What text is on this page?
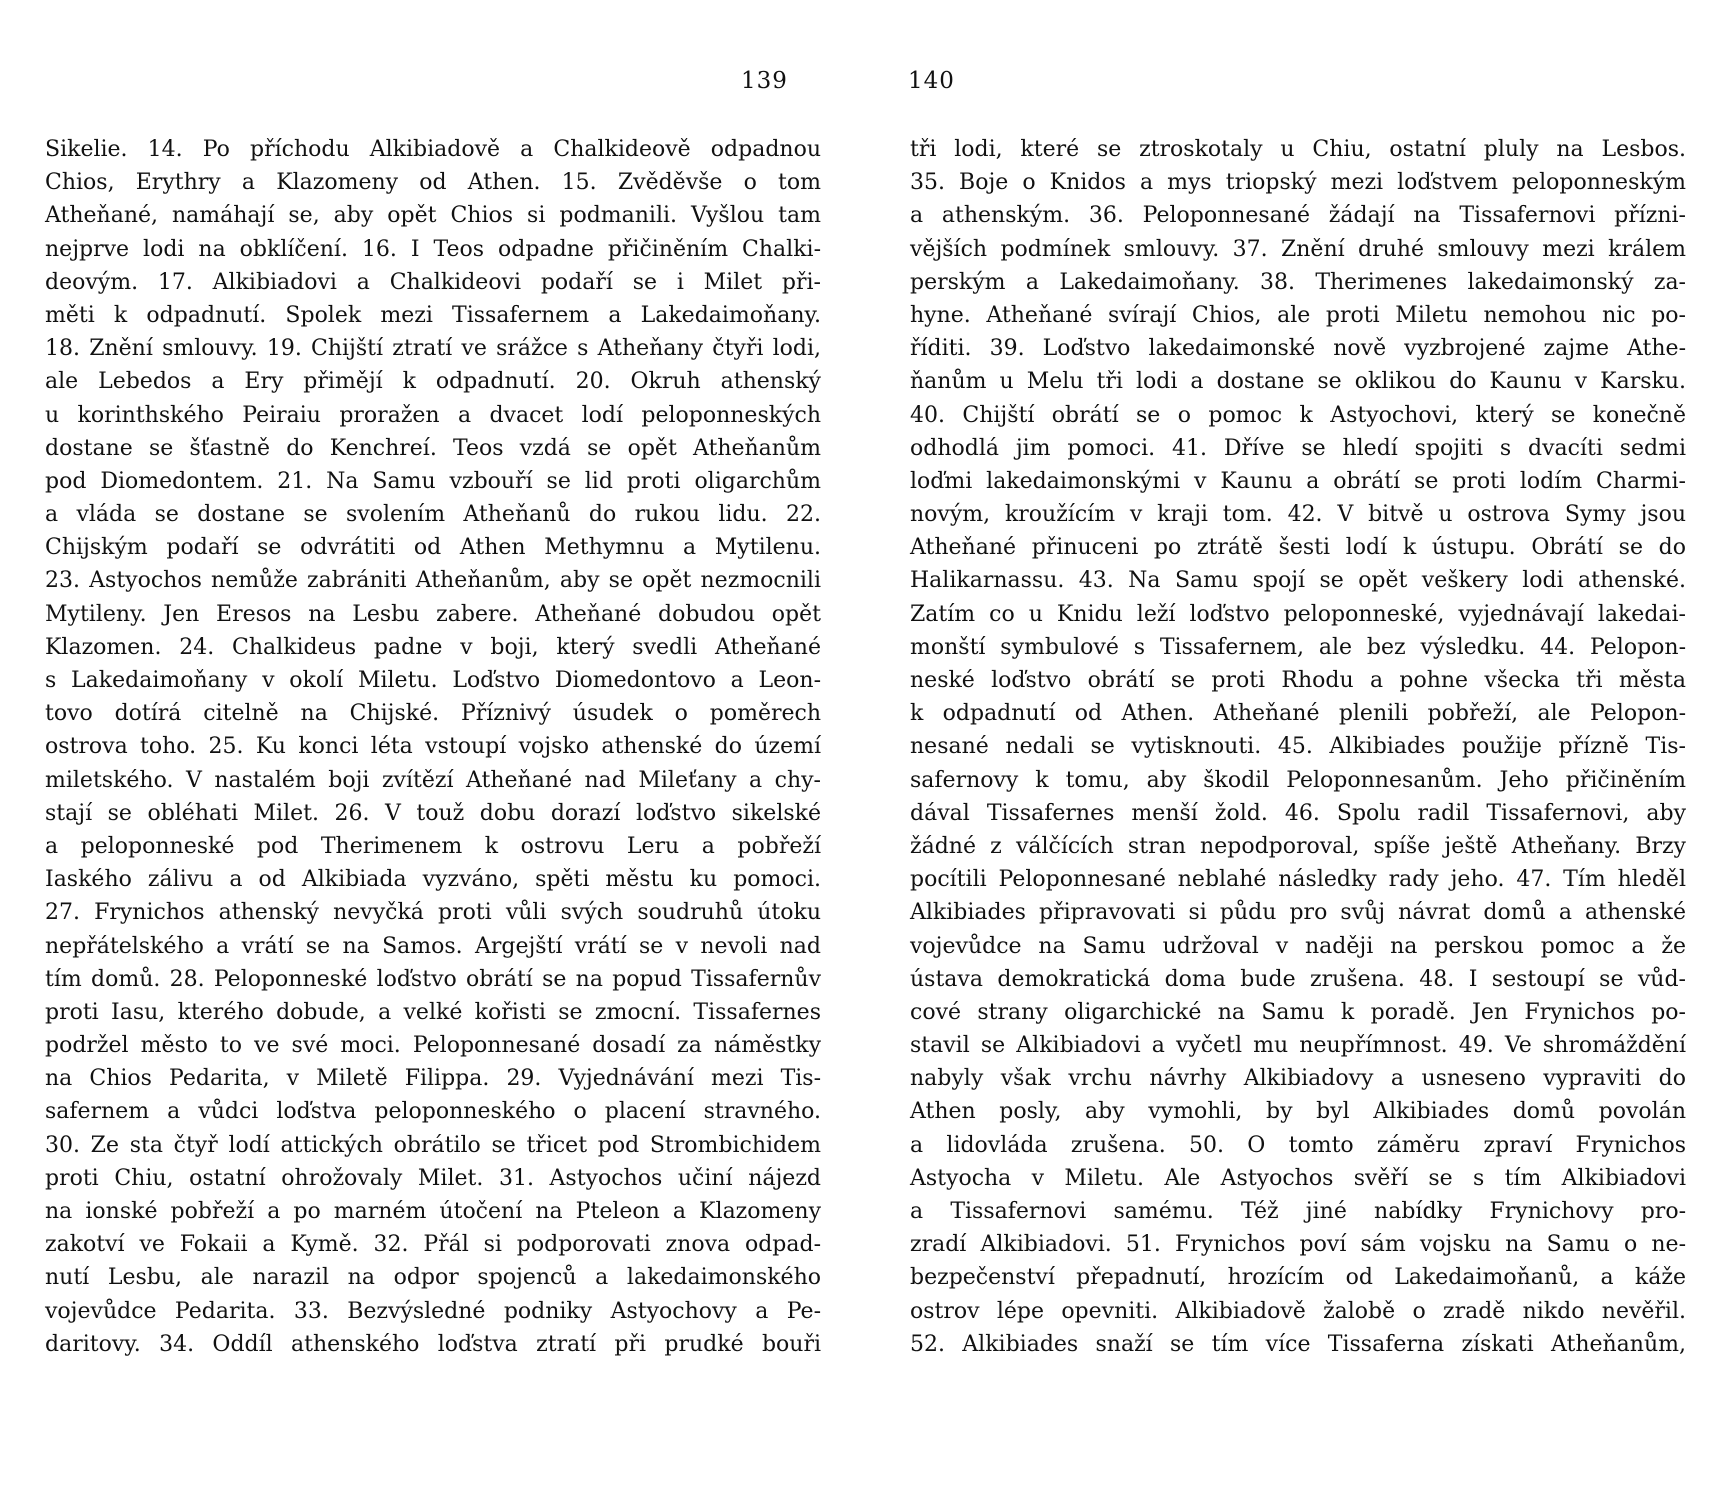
139
Sikelie. 14. Po příchodu Alkibiadově a Chalkideově odpadnou
Chios, Erythry a Klazomeny od Athen. 15. Zvěděvše o tom
Atheňané, namáhají se, aby opět Chios si podmanili. Vyšlou tam
nejprve lodi na obklíčení. 16. I Teos odpadne přičiněním Chalki-
deovým. 17. Alkibiadovi a Chalkideovi podaří se i Milet při-
měti k odpadnutí. Spolek mezi Tissafernem a Lakedaimoňany.
18. Znění smlouvy. 19. Chijští ztratí ve srážce s Atheňany čtyři lodi,
ale Lebedos a Ery přimějí k odpadnutí. 20. Okruh athenský
u korinthského Peiraiu proražen a dvacet lodí peloponneských
dostane se šťastně do Kenchreí. Teos vzdá se opět Atheňanům
pod Diomedontem. 21. Na Samu vzbouří se lid proti oligarchům
a vláda se dostane se svolením Atheňanů do rukou lidu. 22.
Chijským podaří se odvrátiti od Athen Methymnu a Mytilenu.
23. Astyochos nemůže zabrániti Atheňanům, aby se opět nezmocnili
Mytileny. Jen Eresos na Lesbu zabere. Atheňané dobudou opět
Klazomen. 24. Chalkideus padne v boji, který svedli Atheňané
s Lakedaimoňany v okolí Miletu. Loďstvo Diomedontovo a Leon-
tovo dotírá citelně na Chijské. Příznivý úsudek o poměrech
ostrova toho. 25. Ku konci léta vstoupí vojsko athenské do území
miletského. V nastalém boji zvítězí Atheňané nad Mileťany a chy-
stají se obléhati Milet. 26. V touž dobu dorazí loďstvo sikelské
a peloponneské pod Therimenem k ostrovu Leru a pobřeží
Iaského zálivu a od Alkibiada vyzváno, spěti městu ku pomoci.
27. Frynichos athenský nevyčká proti vůli svých soudruhů útoku
nepřátelského a vrátí se na Samos. Argejští vrátí se v nevoli nad
tím domů. 28. Peloponneské loďstvo obrátí se na popud Tissafernův
proti Iasu, kterého dobude, a velké kořisti se zmocní. Tissafernes
podržel město to ve své moci. Peloponnesané dosadí za náměstky
na Chios Pedarita, v Miletě Filippa. 29. Vyjednávání mezi Tis-
safernem a vůdci loďstva peloponneského o placení stravného.
30. Ze sta čtyř lodí attických obrátilo se třicet pod Strombichidem
proti Chiu, ostatní ohrožovaly Milet. 31. Astyochos učiní nájezd
na ionské pobřeží a po marném útočení na Pteleon a Klazomeny
zakotví ve Fokaii a Kymě. 32. Přál si podporovati znova odpad-
nutí Lesbu, ale narazil na odpor spojenců a lakedaimonského
vojevůdce Pedarita. 33. Bezvýsledné podniky Astyochovy a Pe-
daritovy. 34. Oddíl athenského loďstva ztratí při prudké bouři
140
tři lodi, které se ztroskotaly u Chiu, ostatní pluly na Lesbos.
35. Boje o Knidos a mys triopský mezi loďstvem peloponneským
a athenským. 36. Peloponnesané žádají na Tissafernovi přízni-
vějších podmínek smlouvy. 37. Znění druhé smlouvy mezi králem
perským a Lakedaimoňany. 38. Therimenes lakedaimonský za-
hyne. Atheňané svírají Chios, ale proti Miletu nemohou nic po-
říditi. 39. Loďstvo lakedaimonské nově vyzbrojené zajme Athe-
ňanům u Melu tři lodi a dostane se oklikou do Kaunu v Karsku.
40. Chijští obrátí se o pomoc k Astyochovi, který se konečně
odhodlá jim pomoci. 41. Dříve se hledí spojiti s dvacíti sedmi
loďmi lakedaimonskými v Kaunu a obrátí se proti lodím Charmi-
novým, kroužícím v kraji tom. 42. V bitvě u ostrova Symy jsou
Atheňané přinuceni po ztrátě šesti lodí k ústupu. Obrátí se do
Halikarnassu. 43. Na Samu spojí se opět veškery lodi athenské.
Zatím co u Knidu leží loďstvo peloponneské, vyjednávají lakedai-
monští symbulové s Tissafernem, ale bez výsledku. 44. Pelopon-
neské loďstvo obrátí se proti Rhodu a pohne všecka tři města
k odpadnutí od Athen. Atheňané plenili pobřeží, ale Pelopon-
nesané nedali se vytisknouti. 45. Alkibiades použije přízně Tis-
safernovy k tomu, aby škodil Peloponnesanům. Jeho přičiněním
dával Tissafernes menší žold. 46. Spolu radil Tissafernovi, aby
žádné z válčících stran nepodporoval, spíše ještě Atheňany. Brzy
pocítili Peloponnesané neblahé následky rady jeho. 47. Tím hleděl
Alkibiades připravovati si půdu pro svůj návrat domů a athenské
vojevůdce na Samu udržoval v naději na perskou pomoc a že
ústava demokratická doma bude zrušena. 48. I sestoupí se vůd-
cové strany oligarchické na Samu k poradě. Jen Frynichos po-
stavil se Alkibiadovi a vyčetl mu neupřímnost. 49. Ve shromáždění
nabyly však vrchu návrhy Alkibiadovy a usneseno vypraviti do
Athen posly, aby vymohli, by byl Alkibiades domů povolán
a lidovláda zrušena. 50. O tomto záměru zpraví Frynichos
Astyocha v Miletu. Ale Astyochos svěří se s tím Alkibiadovi
a Tissafernovi samému. Též jiné nabídky Frynichovy pro-
zradí Alkibiadovi. 51. Frynichos poví sám vojsku na Samu o ne-
bezpečenství přepadnutí, hrozícím od Lakedaimoňanů, a káže
ostrov lépe opevniti. Alkibiadově žalobě o zradě nikdo nevěřil.
52. Alkibiades snaží se tím více Tissaferna získati Atheňanům,
